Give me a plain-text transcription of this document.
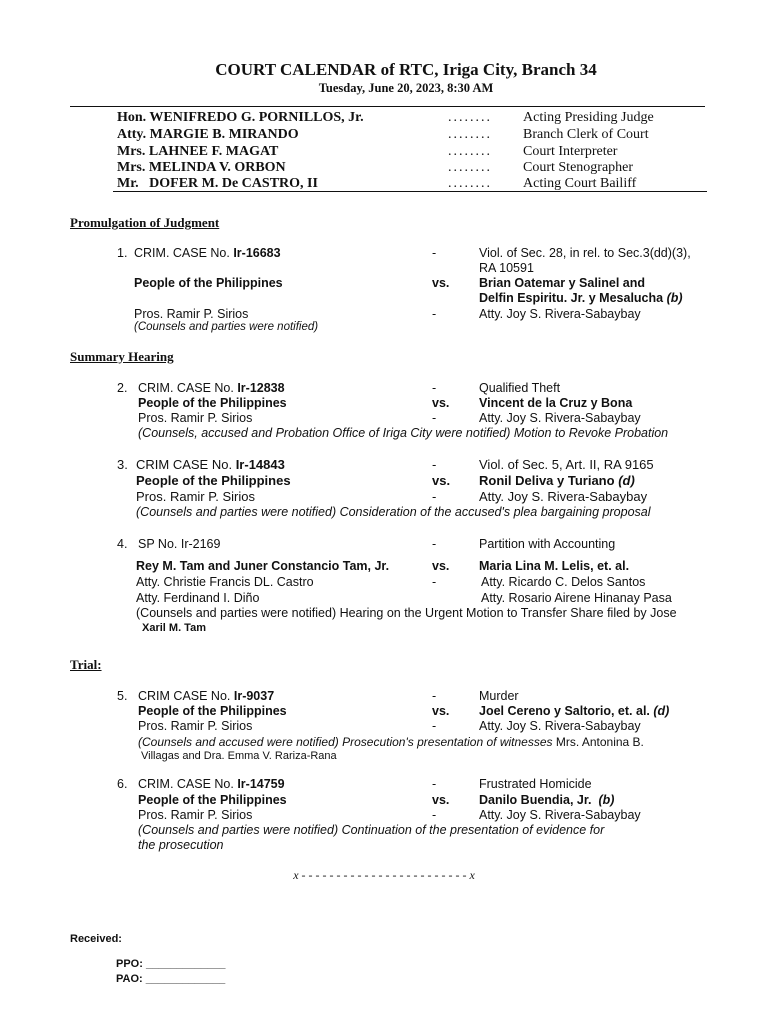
COURT CALENDAR of RTC, Iriga City, Branch 34
Tuesday, June 20, 2023, 8:30 AM
Hon. WENIFREDO G. PORNILLOS, Jr.	........ Acting Presiding Judge
Atty. MARGIE B. MIRANDO	........ Branch Clerk of Court
Mrs. LAHNEE F. MAGAT	........ Court Interpreter
Mrs. MELINDA V. ORBON	........ Court Stenographer
Mr.   DOFER M. De CASTRO, II	........ Acting Court Bailiff
Promulgation of Judgment
1. CRIM. CASE No. Ir-16683	-	Viol. of Sec. 28, in rel. to Sec.3(dd)(3),
RA 10591
People of the Philippines	vs. Brian Oatemar y Salinel and
Delfin Espiritu. Jr. y Mesalucha (b)
Pros. Ramir P. Sirios	-	Atty. Joy S. Rivera-Sabaybay
(Counsels and parties were notified)
Summary Hearing
2. CRIM. CASE No. Ir-12838	-	Qualified Theft
People of the Philippines	vs. Vincent de la Cruz y Bona
Pros. Ramir P. Sirios	-	Atty. Joy S. Rivera-Sabaybay
(Counsels, accused and Probation Office of Iriga City were notified) Motion to Revoke Probation
3. CRIM CASE No. Ir-14843	-	Viol. of Sec. 5, Art. II, RA 9165
People of the Philippines	vs. Ronil Deliva y Turiano (d)
Pros. Ramir P. Sirios	-	Atty. Joy S. Rivera-Sabaybay
(Counsels and parties were notified) Consideration of the accused's plea bargaining proposal
4. SP No. Ir-2169	-	Partition with Accounting
Rey M. Tam and Juner Constancio Tam, Jr.	vs. Maria Lina M. Lelis, et. al.
Atty. Christie Francis DL. Castro	-	Atty. Ricardo C. Delos Santos
Atty. Ferdinand I. Diño	Atty. Rosario Airene Hinanay Pasa
(Counsels and parties were notified) Hearing on the Urgent Motion to Transfer Share filed by Jose
Xaril M. Tam
Trial:
5. CRIM CASE No. Ir-9037	-	Murder
People of the Philippines	vs. Joel Cereno y Saltorio, et. al. (d)
Pros. Ramir P. Sirios	-	Atty. Joy S. Rivera-Sabaybay
(Counsels and accused were notified) Prosecution's presentation of witnesses Mrs. Antonina B.
Villagas and Dra. Emma V. Rariza-Rana
6. CRIM. CASE No. Ir-14759	-	Frustrated Homicide
People of the Philippines	vs. Danilo Buendia, Jr.  (b)
Pros. Ramir P. Sirios	-	Atty. Joy S. Rivera-Sabaybay
(Counsels and parties were notified) Continuation of the presentation of evidence for
the prosecution
x - - - - - - - - - - - - - - - - - - - - - - - - x
Received:
PPO: _____________
PAO: _____________
